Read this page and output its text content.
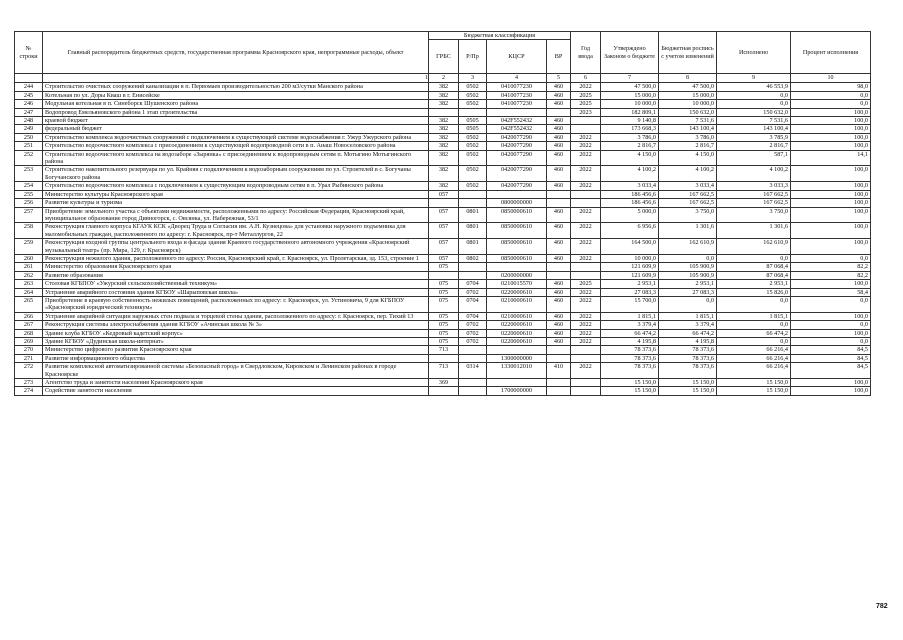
№ строки	Главный распорядитель бюджетных средств, государственная программа Красноярского края, непрограммные расходы, объект	Бюджетная классификация				Год ввода	Утверждено Законом о бюджете	Бюджетная роспись с учетом изменений	Исполнено	Процент исполнения
		ГРБС	Р/Пр	КЦСР	ВР					
	1	2	3	4	5	6	7	8	9	10
244	Строительство очистных сооружений канализации в п. Первомаев производительностью 200 м3/сутки Манского района	382	0502	0410077230	460	2022	47 500,0	47 500,0	46 553,9	98,0
245	Котельная по ул. Доры Кваш в г. Енисейске	382	0502	0410077230	460	2025	15 000,0	15 000,0	0,0	0,0
246	Модульная котельная в п. Синеборск Шушенского района	382	0502	0410077230	460	2025	10 000,0	10 000,0	0,0	0,0
247	Водопровод Емельяновского района 1 этап строительства					2023	182 809,1	150 632,0	150 632,0	100,0
248	краевой бюджет	382	0505	042F552432	460		9 140,8	7 531,6	7 531,6	100,0
249	федеральный бюджет	382	0505	042F552432	460		173 668,3	143 100,4	143 100,4	100,0
250	Строительство комплекса водоочистных сооружений с подключением к существующей системе водоснабжения г. Ужур Ужурского района	382	0502	0420077290	460	2022	3 786,0	3 786,0	3 785,9	100,0
251	Строительство водоочистного комплекса с присоединением к существующей водопроводной сети в п. Анаш Новоселовского района	382	0502	0420077290	460	2022	2 816,7	2 816,7	2 816,7	100,0
252	Строительство водоочистного комплекса на водозаборе «Зырянка» с присоединением к водопроводным сетям п. Мотыгино Мотыгинского района	382	0502	0420077290	460	2022	4 150,0	4 150,0	587,1	14,1
253	Строительство накопительного резервуара по ул. Крайняя с подключением к водозаборным сооружениям по ул. Строителей в с. Богучаны Богучанского района	382	0502	0420077290	460	2022	4 100,2	4 100,2	4 100,2	100,0
254	Строительство водоочистного комплекса с подключением к существующим водопроводным сетям в п. Урал Рыбинского района	382	0502	0420077290	460	2022	3 033,4	3 033,4	3 033,3	100,0
255	Министерство культуры Красноярского края	057					186 456,6	167 662,5	167 662,5	100,0
256	Развитие культуры и туризма			0800000000			186 456,6	167 662,5	167 662,5	100,0
257	Приобретение земельного участка с объектами недвижимости, расположенными по адресу: Российская Федерация, Красноярский край, муниципальное образование город Дивногорск, с. Овсянка, ул. Набережная, 53/1	057	0801	0850000610	460	2022	5 000,0	3 750,0	3 750,0	100,0
258	Реконструкция главного корпуса КГАУК КСК «Дворец Труда и Согласия им. А.Н. Кузнецова» для установки наружного подъемника для маломобильных граждан, расположенного по адресу: г. Красноярск, пр-т Металлургов, 22	057	0801	0850000610	460	2022	6 956,6	1 301,6	1 301,6	100,0
259	Реконструкция входной группы центрального входа и фасада здания Краевого государственного автономного учреждения «Красноярский музыкальный театр» (пр. Мира, 129, г. Красноярск)	057	0801	0850000610	460	2022	164 500,0	162 610,9	162 610,9	100,0
260	Реконструкция нежилого здания, расположенного по адресу: Россия, Красноярский край, г. Красноярск, ул. Пролетарская, зд. 153, строение 1	057	0802	0850000610	460	2022	10 000,0	0,0	0,0	0,0
261	Министерство образования Красноярского края	075					121 609,9	105 900,9	87 068,4	82,2
262	Развитие образования			0200000000			121 609,9	105 900,9	87 068,4	82,2
263	Столовая КГБПОУ «Ужурский сельскохозяйственный техникум»	075	0704	0210015570	460	2025	2 953,1	2 953,1	2 953,1	100,0
264	Устранение аварийного состояния здания КГБОУ «Шарыповская школа»	075	0702	0220000610	460	2022	27 083,3	27 083,3	15 826,0	58,4
265	Приобретение в краевую собственность нежилых помещений, расположенных по адресу: г. Красноярск, ул. Устиновича, 9 для КГБПОУ «Красноярский юридический техникум»	075	0704	0210000610	460	2022	15 700,0	0,0	0,0	0,0
266	Устранение аварийной ситуации наружных стен подвала и торцевой стены здания, расположенного по адресу: г. Красноярск, пер. Тихий 13	075	0704	0210000610	460	2022	1 815,1	1 815,1	1 815,1	100,0
267	Реконструкция системы электроснабжения здания КГБОУ «Ачинская школа № 3»	075	0702	0220000610	460	2022	3 379,4	3 379,4	0,0	0,0
268	Здание клуба КГБОУ «Кедровый кадетский корпус»	075	0702	0220000610	460	2022	66 474,2	66 474,2	66 474,2	100,0
269	Здание КГБОУ «Дудинская школа-интернат»	075	0702	0220000610	460	2022	4 195,8	4 195,8	0,0	0,0
270	Министерство цифрового развития Красноярского края	713					78 373,6	78 373,6	66 216,4	84,5
271	Развитие информационного общества			1300000000			78 373,6	78 373,6	66 216,4	84,5
272	Развитие комплексной автоматизированной системы «Безопасный город» в Свердловском, Кировском и Ленинском районах в городе Красноярске	713	0314	1330012010	410	2022	78 373,6	78 373,6	66 216,4	84,5
273	Агентство труда и занятости населения Красноярского края	369					15 150,0	15 150,0	15 150,0	100,0
274	Содействие занятости населения			1700000000			15 150,0	15 150,0	15 150,0	100,0
782
